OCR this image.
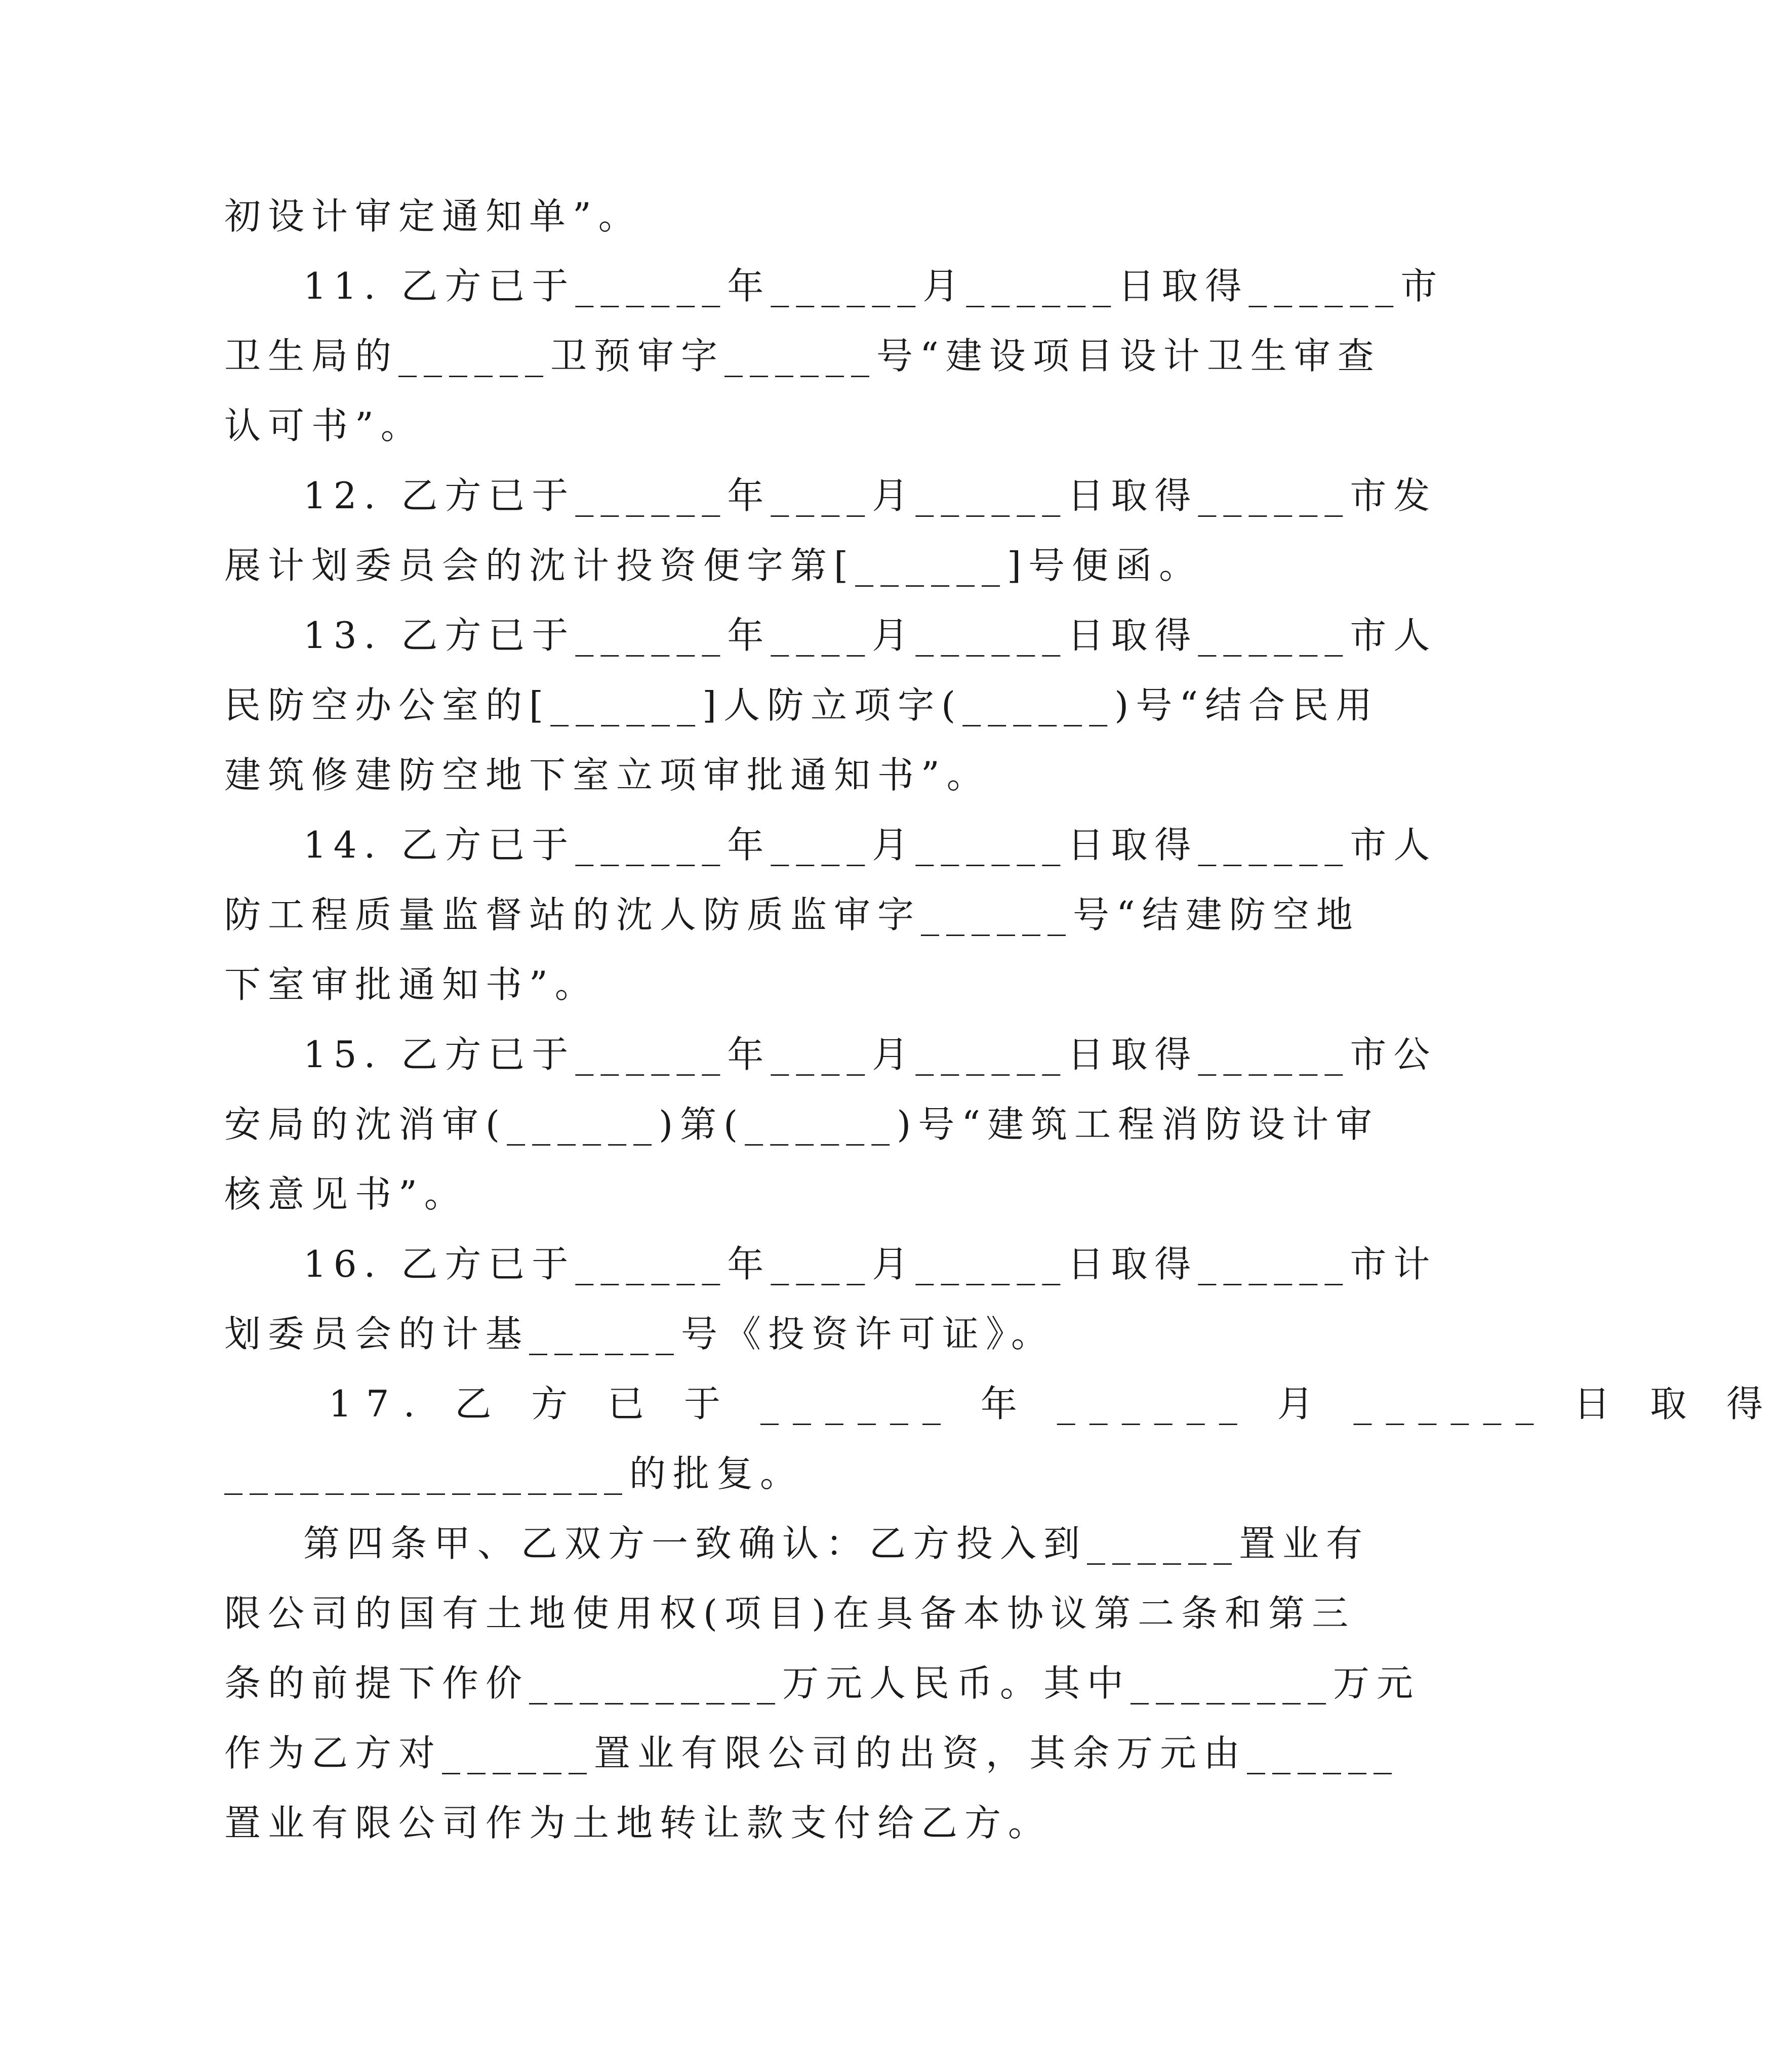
初设计审定通知单”。
11. 乙方已于______年______月______日取得______市
卫生局的______卫预审字______号“建设项目设计卫生审查
认可书”。
12. 乙方已于______年____月______日取得______市发
展计划委员会的沈计投资便字第[______]号便函。
13. 乙方已于______年____月______日取得______市人
民防空办公室的[______]人防立项字(______)号“结合民用
建筑修建防空地下室立项审批通知书”。
14. 乙方已于______年____月______日取得______市人
防工程质量监督站的沈人防质监审字______号“结建防空地
下室审批通知书”。
15. 乙方已于______年____月______日取得______市公
安局的沈消审(______)第(______)号“建筑工程消防设计审
核意见书”。
16. 乙方已于______年____月______日取得______市计
划委员会的计基______号《投资许可证》。
17. 乙 方 已 于 ______ 年 ______ 月 ______ 日 取 得
________________的批复。
第四条甲、乙双方一致确认：乙方投入到______置业有
限公司的国有土地使用权(项目)在具备本协议第二条和第三
条的前提下作价__________万元人民币。其中________万元
作为乙方对______置业有限公司的出资，其余万元由______
置业有限公司作为土地转让款支付给乙方。
